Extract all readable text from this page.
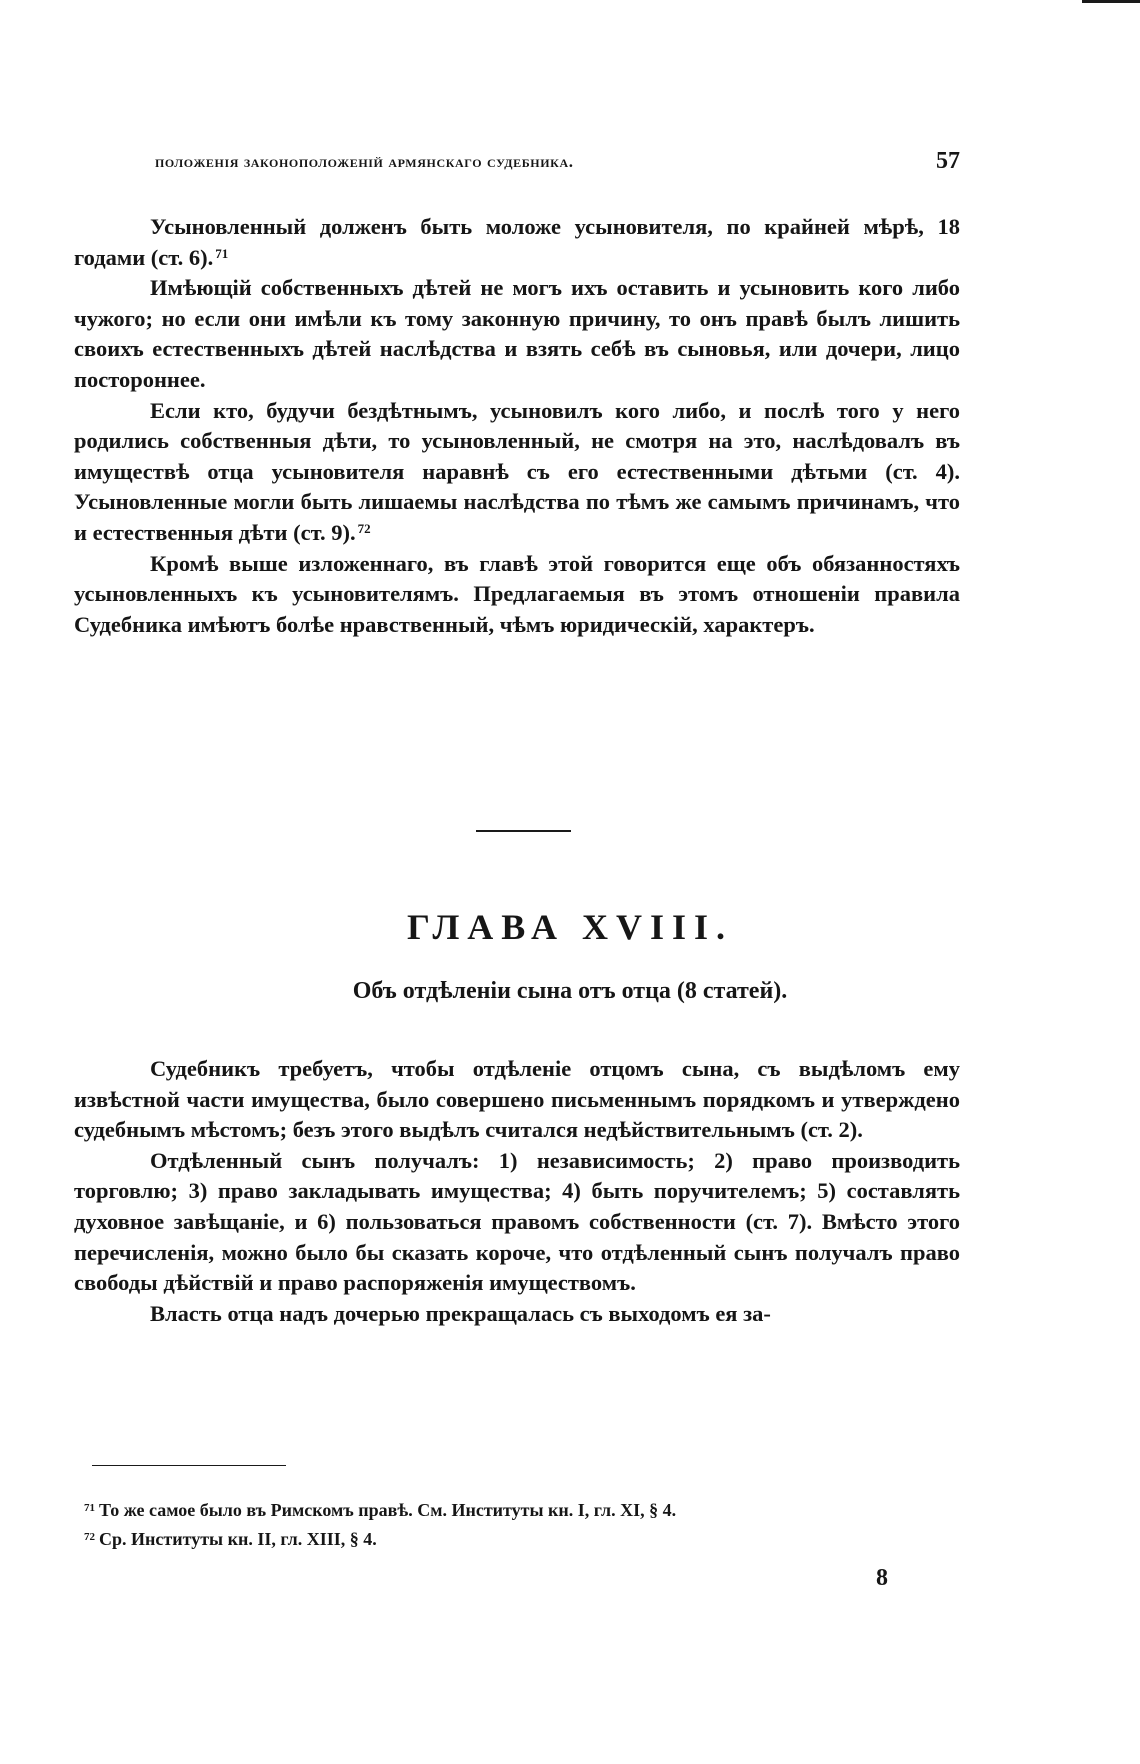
положенія законоположеній армянскаго судебника.	57

Усыновленный долженъ быть моложе усыновителя, по крайней мѣрѣ, 18 годами (ст. 6). $^{71}$

Имѣющій собственныхъ дѣтей не могъ ихъ оставить и усыновить кого либо чужого; но если они имѣли къ тому законную причину, то онъ правѣ былъ лишить своихъ естественныхъ дѣтей наслѣдства и взять себѣ въ сыновья, или дочери, лицо постороннее.

Если кто, будучи бездѣтнымъ, усыновилъ кого либо, и послѣ того у него родились собственныя дѣти, то усыновленный, не смотря на это, наслѣдовалъ въ имуществѣ отца усыновителя наравнѣ съ его естественными дѣтьми (ст. 4). Усыновленные могли быть лишаемы наслѣдства по тѣмъ же самымъ причинамъ, что и естественныя дѣти (ст. 9). $^{72}$

Кромѣ выше изложеннаго, въ главѣ этой говорится еще объ обязанностяхъ усыновленныхъ къ усыновителямъ. Предлагаемыя въ этомъ отношеніи правила Судебника имѣютъ болѣе нравственный, чѣмъ юридическій, характеръ.

ГЛАВА XVIII.
Объ отдѣленіи сына отъ отца (8 статей).

Судебникъ требуетъ, чтобы отдѣленіе отцомъ сына, съ выдѣломъ ему извѣстной части имущества, было совершено письменнымъ порядкомъ и утверждено судебнымъ мѣстомъ; безъ этого выдѣлъ считался недѣйствительнымъ (ст. 2).

Отдѣленный сынъ получалъ: 1) независимость; 2) право производить торговлю; 3) право закладывать имущества; 4) быть поручителемъ; 5) составлять духовное завѣщаніе, и 6) пользоваться правомъ собственности (ст. 7). Вмѣсто этого перечисленія, можно было бы сказать короче, что отдѣленный сынъ получалъ право свободы дѣйствій и право распоряженія имуществомъ.

Власть отца надъ дочерью прекращалась съ выходомъ ея за-

$^{71}$ То же самое было въ Римскомъ правѣ. См. Институты кн. I, гл. XI, § 4.
$^{72}$ Ср. Институты кн. II, гл. XIII, § 4.
8
